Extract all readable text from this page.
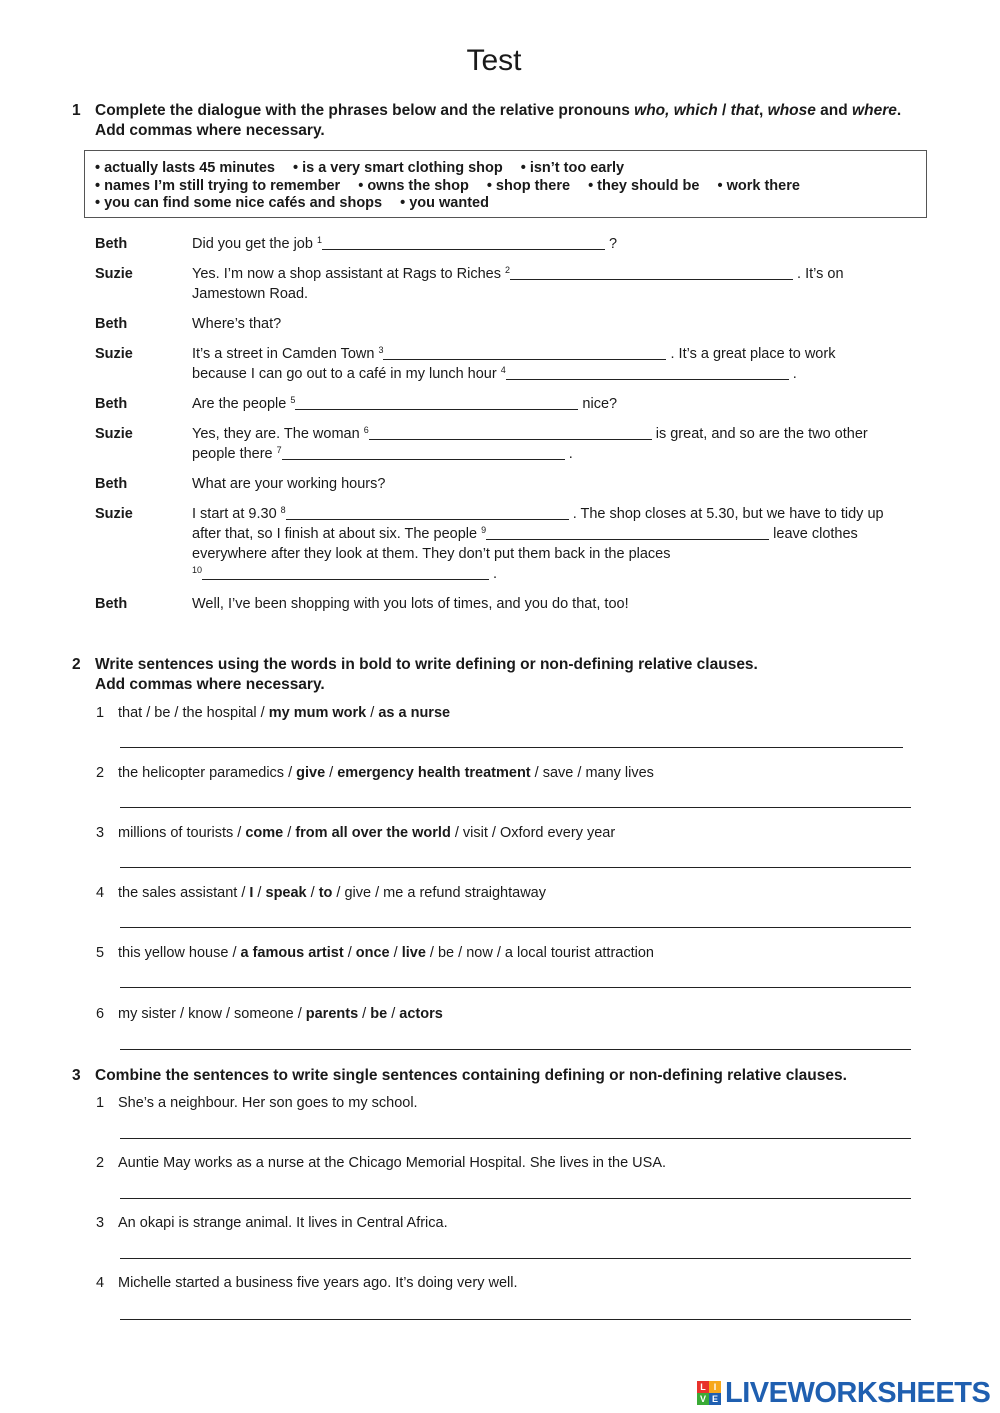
Test
1 Complete the dialogue with the phrases below and the relative pronouns who, which / that, whose and where. Add commas where necessary.
• actually lasts 45 minutes • is a very smart clothing shop • isn’t too early
• names I’m still trying to remember • owns the shop • shop there • they should be • work there
• you can find some nice cafés and shops • you wanted
Beth	Did you get the job $^1$	?
Suzie	Yes. I’m now a shop assistant at Rags to Riches $^2$	. It’s on
Jamestown Road.
Beth	Where’s that?
Suzie	It’s a street in Camden Town $^3$	. It’s a great place to work
because I can go out to a café in my lunch hour $^4$	.
Beth	Are the people $^5$	nice?
Suzie	Yes, they are. The woman $^6$	is great, and so are the two other
people there $^7$	.
Beth	What are your working hours?
Suzie	I start at 9.30 $^8$	. The shop closes at 5.30, but we have to tidy up
after that, so I finish at about six. The people $^9$	leave clothes
everywhere after they look at them. They don’t put them back in the places
$^{10}$	.
Beth	Well, I’ve been shopping with you lots of times, and you do that, too!
2 Write sentences using the words in bold to write defining or non-defining relative clauses.
Add commas where necessary.
1 that / be / the hospital / my mum work / as a nurse
2 the helicopter paramedics / give / emergency health treatment / save / many lives
3 millions of tourists / come / from all over the world / visit / Oxford every year
4 the sales assistant / I / speak / to / give / me a refund straightaway
5 this yellow house / a famous artist / once / live / be / now / a local tourist attraction
6 my sister / know / someone / parents / be / actors
3 Combine the sentences to write single sentences containing defining or non-defining relative clauses.
1 She’s a neighbour. Her son goes to my school.
2 Auntie May works as a nurse at the Chicago Memorial Hospital. She lives in the USA.
3 An okapi is strange animal. It lives in Central Africa.
4 Michelle started a business five years ago. It’s doing very well.
L I
V E LIVEWORKSHEETS
